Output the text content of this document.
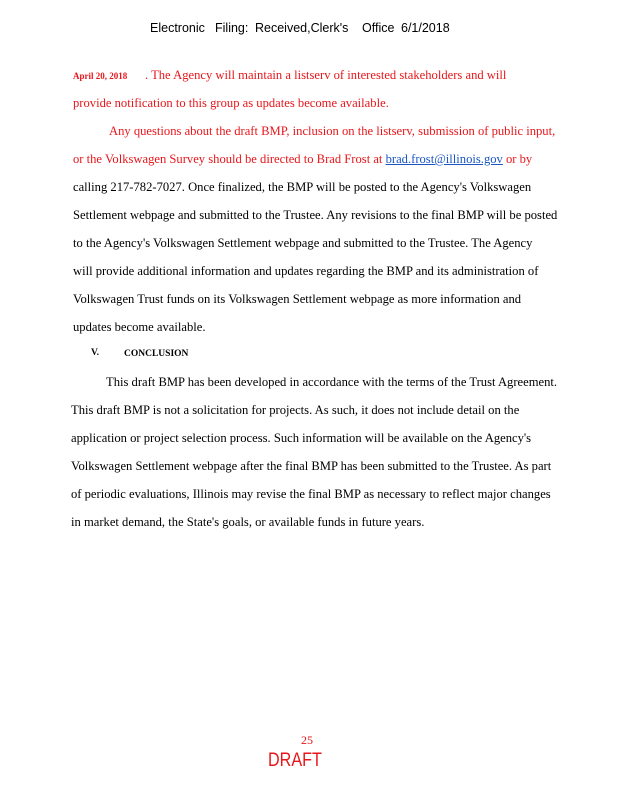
Electronic Filing: Received,Clerk's Office 6/1/2018
April 20, 2018 . The Agency will maintain a listserv of interested stakeholders and will
provide notification to this group as updates become available.
Any questions about the draft BMP, inclusion on the listserv, submission of public input,
or the Volkswagen Survey should be directed to Brad Frost at brad.frost@illinois.gov or by
calling 217-782-7027. Once finalized, the BMP will be posted to the Agency's Volkswagen
Settlement webpage and submitted to the Trustee. Any revisions to the final BMP will be posted
to the Agency's Volkswagen Settlement webpage and submitted to the Trustee. The Agency
will provide additional information and updates regarding the BMP and its administration of
Volkswagen Trust funds on its Volkswagen Settlement webpage as more information and
updates become available.
V.	CONCLUSION
This draft BMP has been developed in accordance with the terms of the Trust Agreement.
This draft BMP is not a solicitation for projects. As such, it does not include detail on the
application or project selection process. Such information will be available on the Agency's
Volkswagen Settlement webpage after the final BMP has been submitted to the Trustee. As part
of periodic evaluations, Illinois may revise the final BMP as necessary to reflect major changes
in market demand, the State's goals, or available funds in future years.
25
DRAFT
